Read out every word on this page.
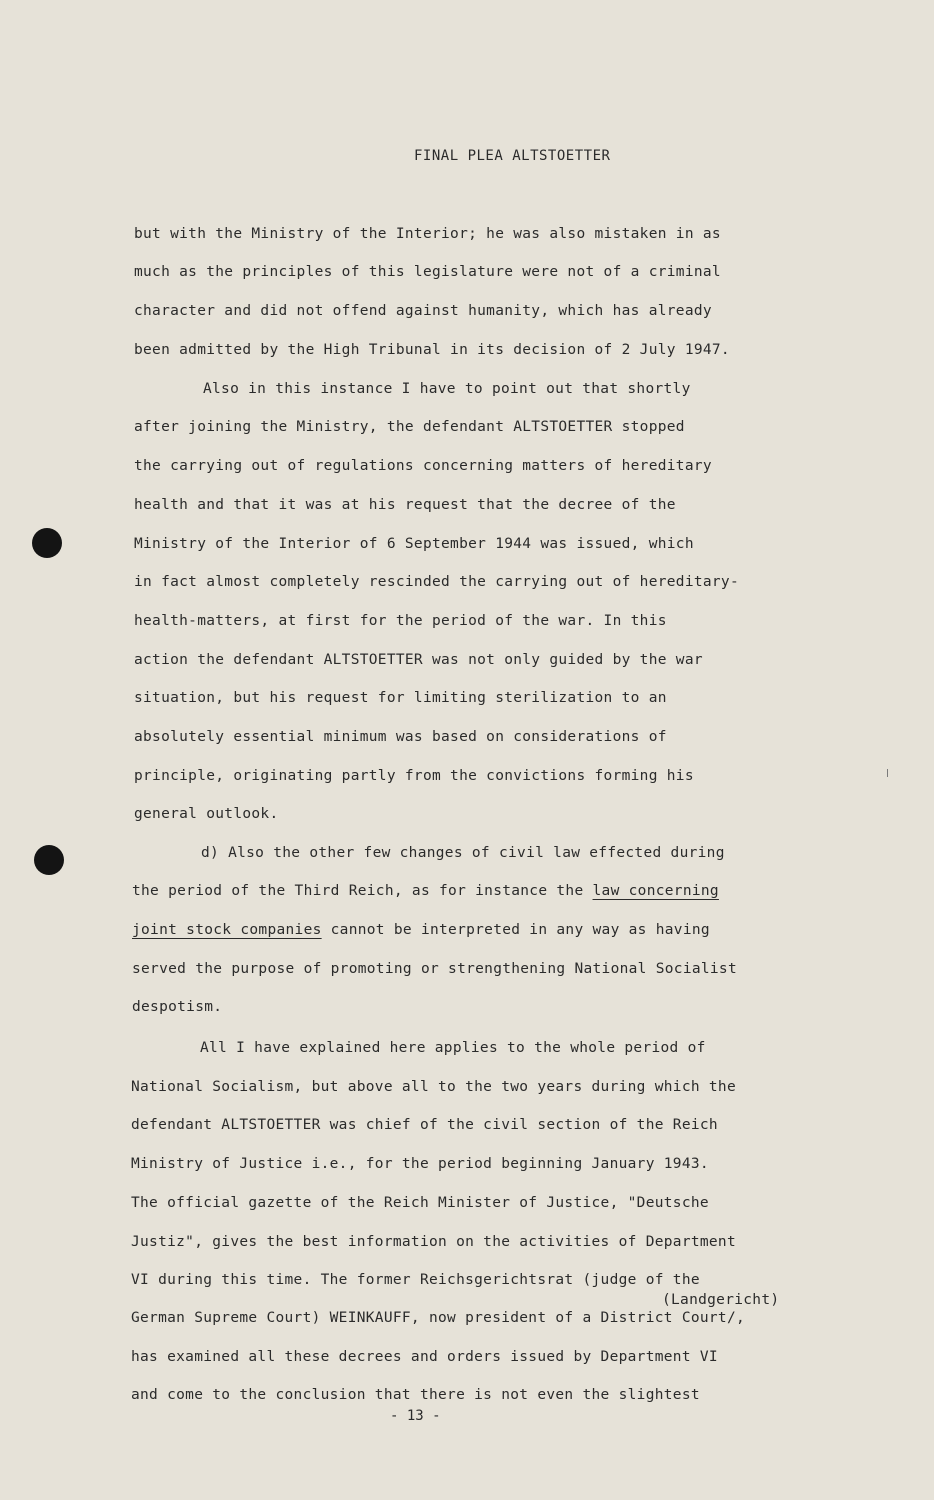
FINAL PLEA ALTSTOETTER
but with the Ministry of the Interior; he was also mistaken in as
much as the principles of this legislature were not of a criminal
character and did not offend against humanity, which has already
been admitted by the High Tribunal in its decision of 2 July 1947.
Also in this instance I have to point out that shortly
after joining the Ministry, the defendant ALTSTOETTER stopped
the carrying out of regulations concerning matters of hereditary
health and that it was at his request that the decree of the
Ministry of the Interior of 6 September 1944 was issued, which
in fact almost completely rescinded the carrying out of hereditary-
health-matters, at first for the period of the war. In this
action the defendant ALTSTOETTER was not only guided by the war
situation, but his request for limiting sterilization to an
absolutely essential minimum was based on considerations of
principle, originating partly from the convictions forming his
general outlook.
d) Also the other few changes of civil law effected during
the period of the Third Reich, as for instance the law concerning
joint stock companies cannot be interpreted in any way as having
served the purpose of promoting or strengthening National Socialist
despotism.
All I have explained here applies to the whole period of
National Socialism, but above all to the two years during which the
defendant ALTSTOETTER was chief of the civil section of the Reich
Ministry of Justice i.e., for the period beginning January 1943.
The official gazette of the Reich Minister of Justice, "Deutsche
Justiz", gives the best information on the activities of Department
VI during this time. The former Reichsgerichtsrat (judge of the
(Landgericht)
German Supreme Court) WEINKAUFF, now president of a District Court/,
has examined all these decrees and orders issued by Department VI
and come to the conclusion that there is not even the slightest
- 13 -
